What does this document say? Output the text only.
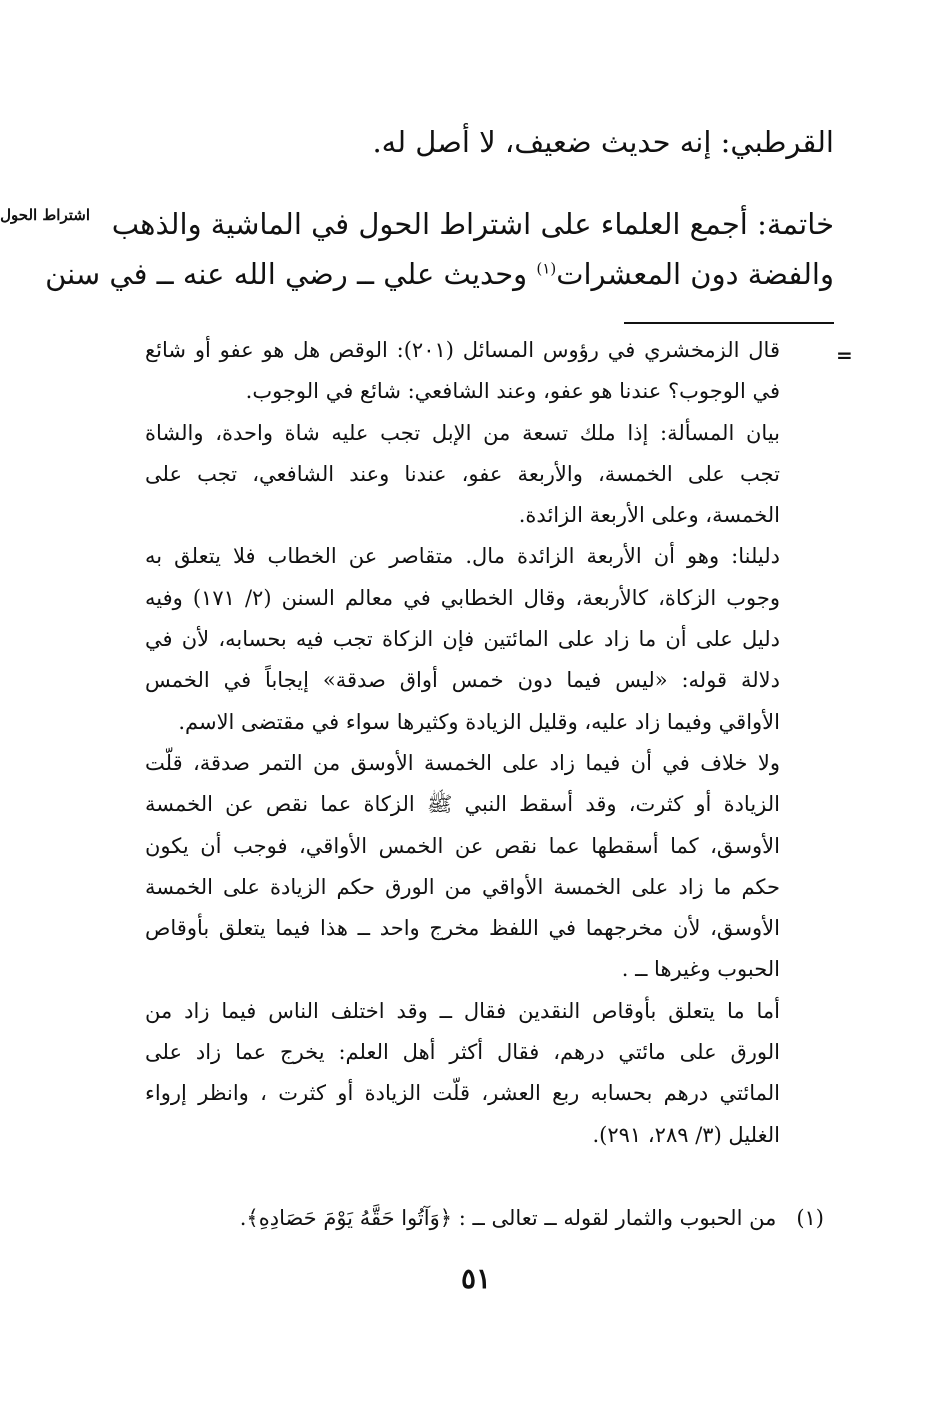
القرطبي: إنه حديث ضعيف، لا أصل له.
خاتمة: أجمع العلماء على اشتراط الحول في الماشية والذهب
والفضة دون المعشرات$^{(١)}$ وحديث علي ــ رضي الله عنه ــ في سنن
اشتراط الحول
=
قال الزمخشري في رؤوس المسائل (٢٠١): الوقص هل هو عفو أو شائع
في الوجوب؟ عندنا هو عفو، وعند الشافعي: شائع في الوجوب.
بيان المسألة: إذا ملك تسعة من الإبل تجب عليه شاة واحدة، والشاة
تجب على الخمسة، والأربعة عفو، عندنا وعند الشافعي، تجب على
الخمسة، وعلى الأربعة الزائدة.
دليلنا: وهو أن الأربعة الزائدة مال. متقاصر عن الخطاب فلا يتعلق به
وجوب الزكاة، كالأربعة، وقال الخطابي في معالم السنن (٢/ ١٧١) وفيه
دليل على أن ما زاد على المائتين فإن الزكاة تجب فيه بحسابه، لأن في
دلالة قوله: «ليس فيما دون خمس أواق صدقة» إيجاباً في الخمس
الأواقي وفيما زاد عليه، وقليل الزيادة وكثيرها سواء في مقتضى الاسم.
ولا خلاف في أن فيما زاد على الخمسة الأوسق من التمر صدقة، قلّت
الزيادة أو كثرت، وقد أسقط النبي ﷺ الزكاة عما نقص عن الخمسة
الأوسق، كما أسقطها عما نقص عن الخمس الأواقي، فوجب أن يكون
حكم ما زاد على الخمسة الأواقي من الورق حكم الزيادة على الخمسة
الأوسق، لأن مخرجهما في اللفظ مخرج واحد ــ هذا فيما يتعلق بأوقاص
الحبوب وغيرها ــ .
أما ما يتعلق بأوقاص النقدين فقال ــ وقد اختلف الناس فيما زاد من
الورق على مائتي درهم، فقال أكثر أهل العلم: يخرج عما زاد على
المائتي درهم بحسابه ربع العشر، قلّت الزيادة أو كثرت ، وانظر إرواء
الغليل (٣/ ٢٨٩، ٢٩١).
(١)من الحبوب والثمار لقوله ــ تعالى ــ : ﴿وَآتُوا حَقَّهُ يَوْمَ حَصَادِهِ﴾.
٥١
